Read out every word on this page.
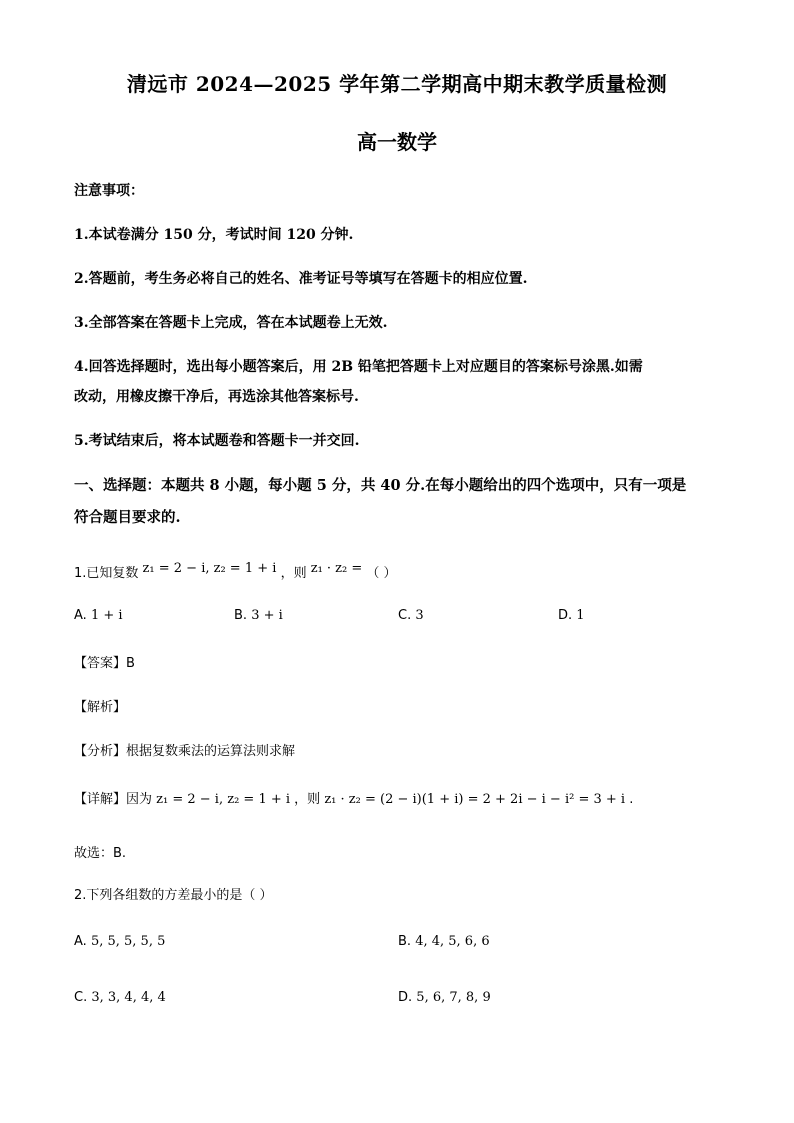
清远市 2024—2025 学年第二学期高中期末教学质量检测
高一数学
注意事项：
1.本试卷满分 150 分，考试时间 120 分钟.
2.答题前，考生务必将自己的姓名、准考证号等填写在答题卡的相应位置.
3.全部答案在答题卡上完成，答在本试题卷上无效.
4.回答选择题时，选出每小题答案后，用 2B 铅笔把答题卡上对应题目的答案标号涂黑.如需
改动，用橡皮擦干净后，再选涂其他答案标号.
5.考试结束后，将本试题卷和答题卡一并交回.
一、选择题：本题共 8 小题，每小题 5 分，共 40 分.在每小题给出的四个选项中，只有一项是
符合题目要求的.
1.已知复数 z₁ = 2 − i, z₂ = 1 + i ，则 z₁ · z₂ = （ ）
A. 1 + i	B. 3 + i	C. 3	D. 1
【答案】B
【解析】
【分析】根据复数乘法的运算法则求解
【详解】因为 z₁ = 2 − i, z₂ = 1 + i ，则 z₁ · z₂ = (2 − i)(1 + i) = 2 + 2i − i − i² = 3 + i .
故选：B.
2.下列各组数的方差最小的是（ ）
A. 5, 5, 5, 5, 5	B. 4, 4, 5, 6, 6
C. 3, 3, 4, 4, 4	D. 5, 6, 7, 8, 9
